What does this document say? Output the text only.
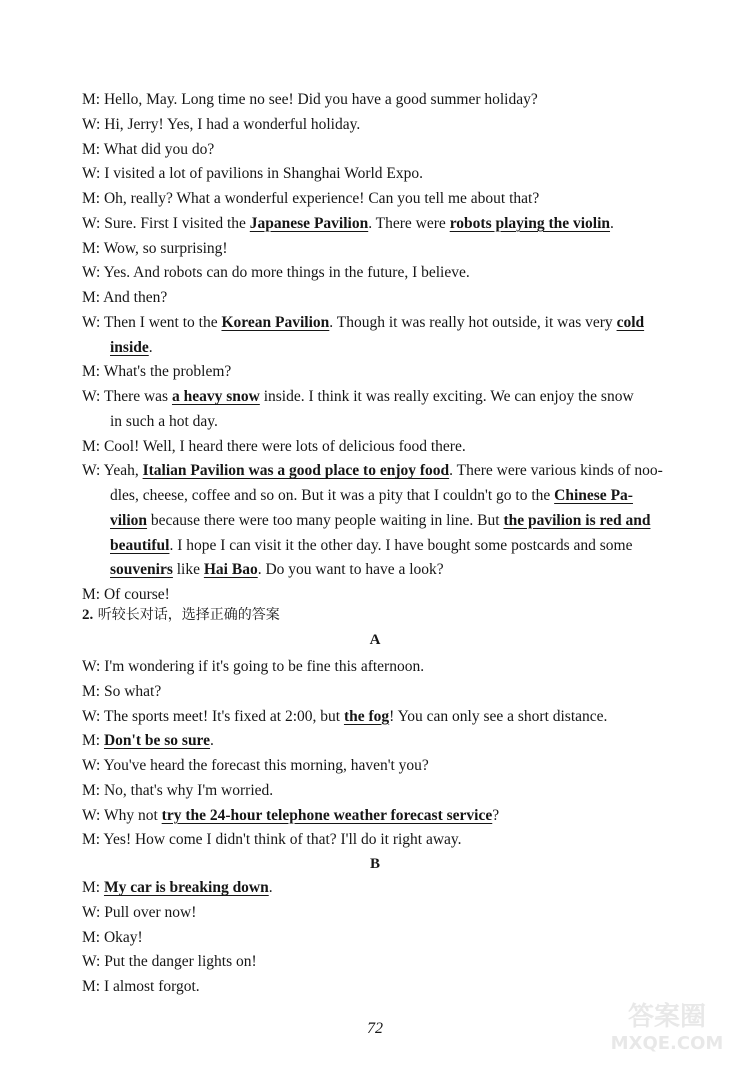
M: Hello, May. Long time no see! Did you have a good summer holiday?
W: Hi, Jerry! Yes, I had a wonderful holiday.
M: What did you do?
W: I visited a lot of pavilions in Shanghai World Expo.
M: Oh, really? What a wonderful experience! Can you tell me about that?
W: Sure. First I visited the Japanese Pavilion. There were robots playing the violin.
M: Wow, so surprising!
W: Yes. And robots can do more things in the future, I believe.
M: And then?
W: Then I went to the Korean Pavilion. Though it was really hot outside, it was very cold
inside.
M: What's the problem?
W: There was a heavy snow inside. I think it was really exciting. We can enjoy the snow
in such a hot day.
M: Cool! Well, I heard there were lots of delicious food there.
W: Yeah, Italian Pavilion was a good place to enjoy food. There were various kinds of noo-
dles, cheese, coffee and so on. But it was a pity that I couldn't go to the Chinese Pa-
vilion because there were too many people waiting in line. But the pavilion is red and
beautiful. I hope I can visit it the other day. I have bought some postcards and some
souvenirs like Hai Bao. Do you want to have a look?
M: Of course!
2. 听较长对话，选择正确的答案
A
W: I'm wondering if it's going to be fine this afternoon.
M: So what?
W: The sports meet! It's fixed at 2:00, but the fog! You can only see a short distance.
M: Don't be so sure.
W: You've heard the forecast this morning, haven't you?
M: No, that's why I'm worried.
W: Why not try the 24-hour telephone weather forecast service?
M: Yes! How come I didn't think of that? I'll do it right away.
B
M: My car is breaking down.
W: Pull over now!
M: Okay!
W: Put the danger lights on!
M: I almost forgot.
72	答案圈
MXQE.COM
